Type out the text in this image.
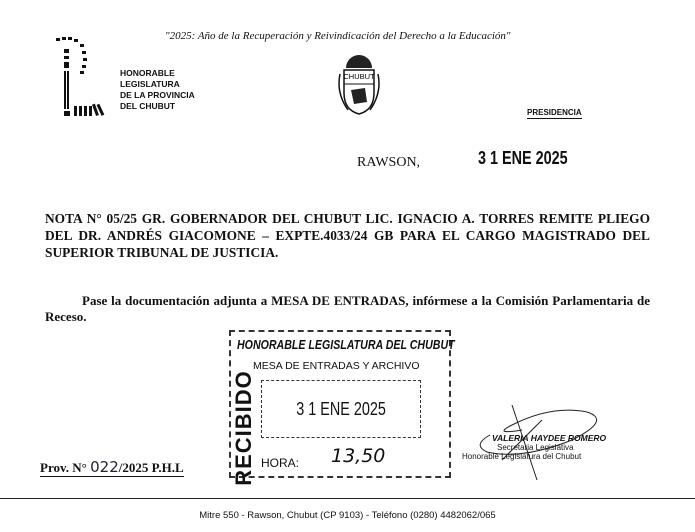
"2025: Año de la Recuperación y Reivindicación del Derecho a la Educación"
HONORABLE
LEGISLATURA
DE LA PROVINCIA
DEL CHUBUT
CHUBUT
PRESIDENCIA
RAWSON,	3 1 ENE 2025
NOTA N° 05/25 GR. GOBERNADOR DEL CHUBUT LIC. IGNACIO A. TORRES REMITE PLIEGO DEL DR. ANDRÉS GIACOMONE – EXPTE.4033/24 GB PARA EL CARGO MAGISTRADO DEL SUPERIOR TRIBUNAL DE JUSTICIA.
Pase la documentación adjunta a MESA DE ENTRADAS, infórmese a la Comisión Parlamentaria de Receso.
HONORABLE LEGISLATURA DEL CHUBUT
MESA DE ENTRADAS Y ARCHIVO
RECIBIDO 3 1 ENE 2025
HORA: 13,50
VALERIA HAYDEE ROMERO
Secretaria Legislativa
Honorable Legislatura del Chubut
Prov. N° 022/2025 P.H.L
Mitre 550 - Rawson, Chubut (CP 9103) - Teléfono (0280) 4482062/065
